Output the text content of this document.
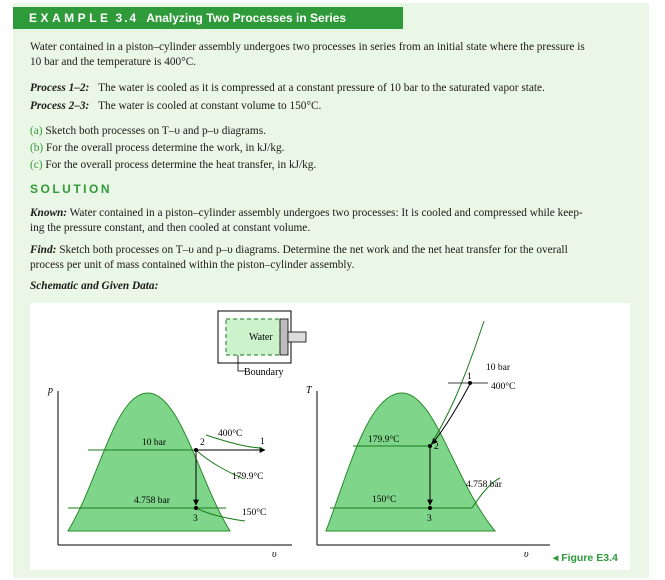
EXAMPLE 3.4 Analyzing Two Processes in Series
Water contained in a piston–cylinder assembly undergoes two processes in series from an initial state where the pressure is
10 bar and the temperature is 400°C.
Process 1–2: The water is cooled as it is compressed at a constant pressure of 10 bar to the saturated vapor state.
Process 2–3: The water is cooled at constant volume to 150°C.
(a) Sketch both processes on T–υ and p–υ diagrams.
(b) For the overall process determine the work, in kJ/kg.
(c) For the overall process determine the heat transfer, in kJ/kg.
SOLUTION
Known: Water contained in a piston–cylinder assembly undergoes two processes: It is cooled and compressed while keep-
ing the pressure constant, and then cooled at constant volume.
Find: Sketch both processes on T–υ and p–υ diagrams. Determine the net work and the net heat transfer for the overall
process per unit of mass contained within the piston–cylinder assembly.
Schematic and Given Data:
Water
Boundary
p
υ
10 bar
4.758 bar
400°C
179.9°C
150°C
1
2
3
T
υ
179.9°C
150°C
10 bar
400°C
4.758 bar
1
2
3
◂ Figure E3.4
